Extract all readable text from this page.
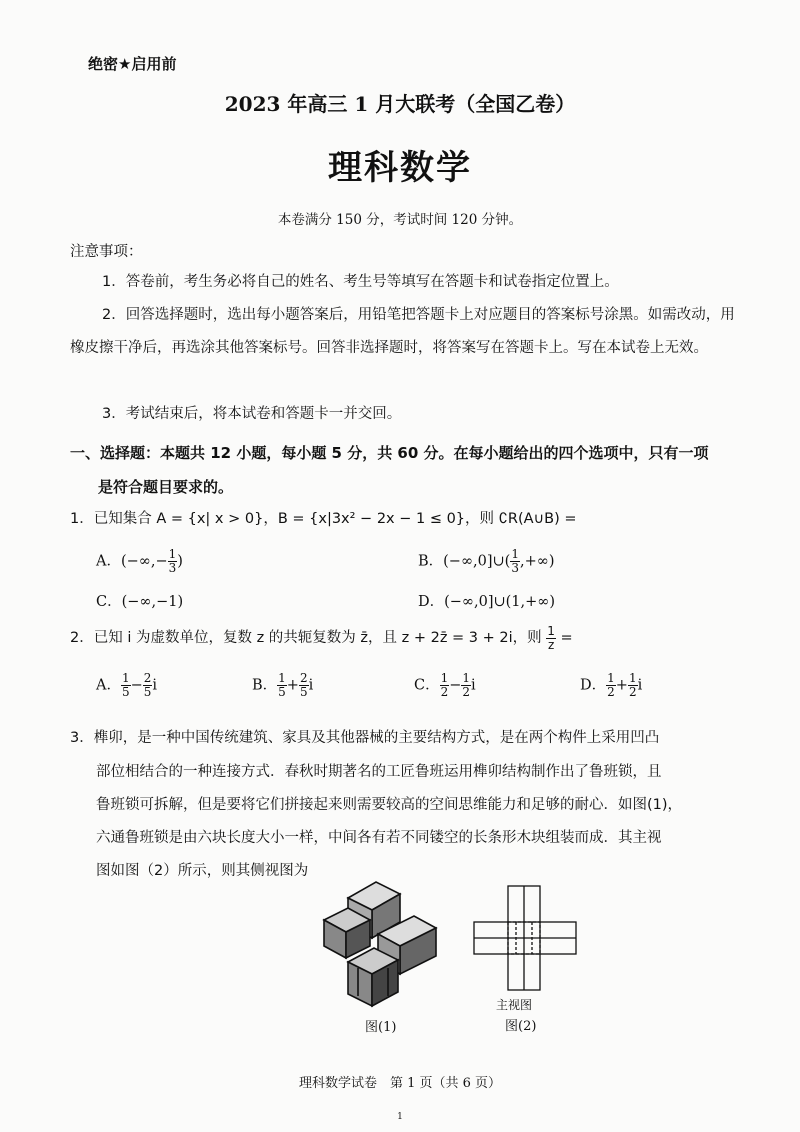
绝密★启用前
2023 年高三 1 月大联考（全国乙卷）
理科数学
本卷满分 150 分，考试时间 120 分钟。
注意事项：
1．答卷前，考生务必将自己的姓名、考生号等填写在答题卡和试卷指定位置上。
2．回答选择题时，选出每小题答案后，用铅笔把答题卡上对应题目的答案标号涂黑。如需改动，用橡皮擦干净后，再选涂其他答案标号。回答非选择题时，将答案写在答题卡上。写在本试卷上无效。
3．考试结束后，将本试卷和答题卡一并交回。
一、选择题：本题共 12 小题，每小题 5 分，共 60 分。在每小题给出的四个选项中，只有一项
是符合题目要求的。
1．已知集合 A = {x| x > 0}，B = {x|3x² − 2x − 1 ≤ 0}，则 ∁R(A∪B) =
A．(−∞,− $\frac{1}{3}$ )	B．(−∞,0]∪( $\frac{1}{3}$ ,+∞)
C．(−∞,−1)	D．(−∞,0]∪(1,+∞)
2．已知 i 为虚数单位，复数 z 的共轭复数为 z̄，且 z + 2z̄ = 3 + 2i，则 $\frac{1}{z}$ =
A． $\frac{1}{5} - \frac{2}{5}$ i	B． $\frac{1}{5} + \frac{2}{5}$ i	C． $\frac{1}{2} - \frac{1}{2}$ i	D． $\frac{1}{2} + \frac{1}{2}$ i
3．榫卯，是一种中国传统建筑、家具及其他器械的主要结构方式，是在两个构件上采用凹凸
部位相结合的一种连接方式．春秋时期著名的工匠鲁班运用榫卯结构制作出了鲁班锁，且
鲁班锁可拆解，但是要将它们拼接起来则需要较高的空间思维能力和足够的耐心．如图(1)，
六通鲁班锁是由六块长度大小一样，中间各有若不同镂空的长条形木块组装而成．其主视
图如图（2）所示，则其侧视图为
图(1)
主视图
图(2)
理科数学试卷　第 1 页（共 6 页）
1
